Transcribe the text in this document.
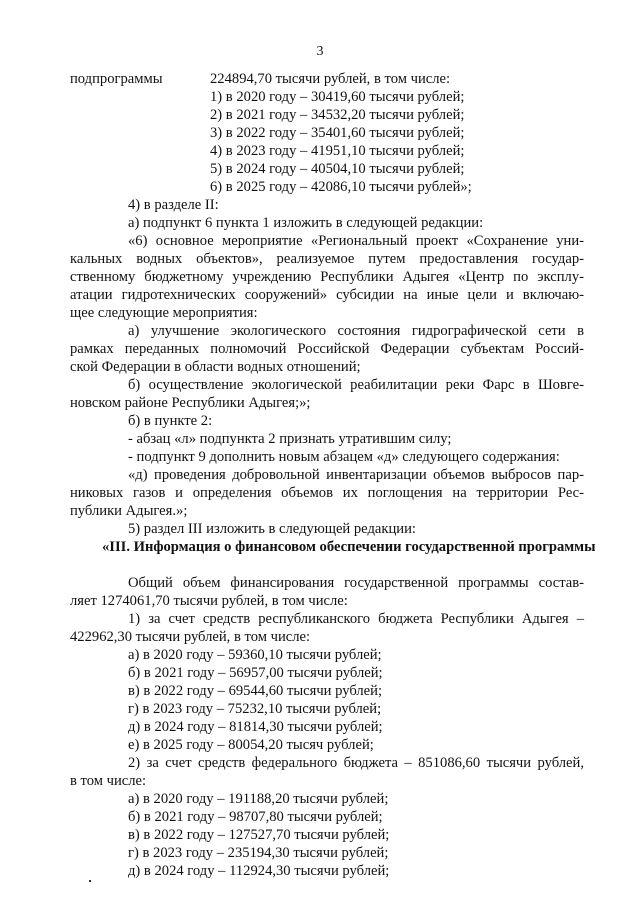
3
подпрограммы	224894,70 тысячи рублей, в том числе:
1) в 2020 году – 30419,60 тысячи рублей;
2) в 2021 году – 34532,20 тысячи рублей;
3) в 2022 году – 35401,60 тысячи рублей;
4) в 2023 году – 41951,10 тысячи рублей;
5) в 2024 году – 40504,10 тысячи рублей;
6) в 2025 году – 42086,10 тысячи рублей»;
4) в разделе II:
а) подпункт 6 пункта 1 изложить в следующей редакции:
«6) основное мероприятие «Региональный проект «Сохранение уни-
кальных водных объектов», реализуемое путем предоставления государ-
ственному бюджетному учреждению Республики Адыгея «Центр по эксплу-
атации гидротехнических сооружений» субсидии на иные цели и включаю-
щее следующие мероприятия:
а) улучшение экологического состояния гидрографической сети в
рамках переданных полномочий Российской Федерации субъектам Россий-
ской Федерации в области водных отношений;
б) осуществление экологической реабилитации реки Фарс в Шовге-
новском районе Республики Адыгея;»;
б) в пункте 2:
- абзац «л» подпункта 2 признать утратившим силу;
- подпункт 9 дополнить новым абзацем «д» следующего содержания:
«д) проведения добровольной инвентаризации объемов выбросов пар-
никовых газов и определения объемов их поглощения на территории Рес-
публики Адыгея.»;
5) раздел III изложить в следующей редакции:
«III. Информация о финансовом обеспечении государственной программы
Общий объем финансирования государственной программы состав-
ляет 1274061,70 тысячи рублей, в том числе:
1) за счет средств республиканского бюджета Республики Адыгея –
422962,30 тысячи рублей, в том числе:
а) в 2020 году – 59360,10 тысячи рублей;
б) в 2021 году – 56957,00 тысячи рублей;
в) в 2022 году – 69544,60 тысячи рублей;
г) в 2023 году – 75232,10 тысячи рублей;
д) в 2024 году – 81814,30 тысячи рублей;
е) в 2025 году – 80054,20 тысяч рублей;
2) за счет средств федерального бюджета – 851086,60 тысячи рублей,
в том числе:
а) в 2020 году – 191188,20 тысячи рублей;
б) в 2021 году – 98707,80 тысячи рублей;
в) в 2022 году – 127527,70 тысячи рублей;
г) в 2023 году – 235194,30 тысячи рублей;
д) в 2024 году – 112924,30 тысячи рублей;
